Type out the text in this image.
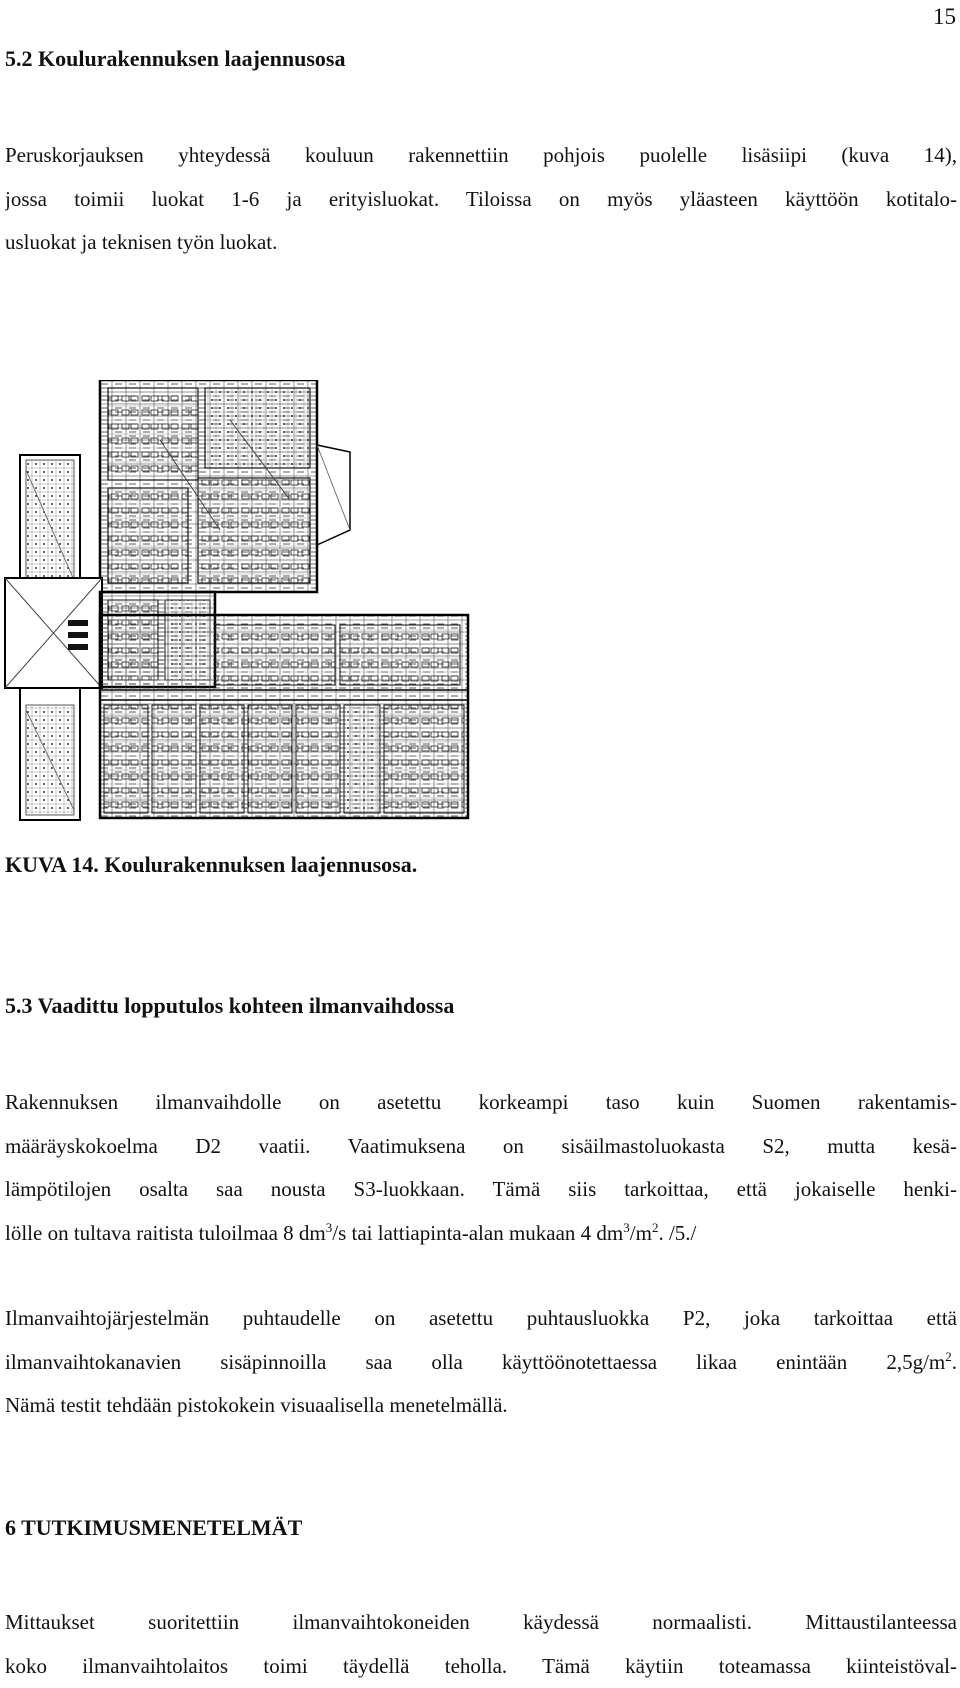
15
5.2 Koulurakennuksen laajennusosa
Peruskorjauksen yhteydessä kouluun rakennettiin pohjois puolelle lisäsiipi (kuva 14),
jossa toimii luokat 1-6 ja erityisluokat. Tiloissa on myös yläasteen käyttöön kotitalo-
usluokat ja teknisen työn luokat.
KUVA 14. Koulurakennuksen laajennusosa.
5.3 Vaadittu lopputulos kohteen ilmanvaihdossa
Rakennuksen ilmanvaihdolle on asetettu korkeampi taso kuin Suomen rakentamis-
määräyskokoelma D2 vaatii. Vaatimuksena on sisäilmastoluokasta S2, mutta kesä-
lämpötilojen osalta saa nousta S3-luokkaan. Tämä siis tarkoittaa, että jokaiselle henki-
lölle on tultava raitista tuloilmaa 8 $dm^3/s$ tai lattiapinta-alan mukaan 4 $dm^3/m^2$. /5./
Ilmanvaihtojärjestelmän puhtaudelle on asetettu puhtausluokka P2, joka tarkoittaa että
ilmanvaihtokanavien sisäpinnoilla saa olla käyttöönotettaessa likaa enintään $2,5g/m^2$.
Nämä testit tehdään pistokokein visuaalisella menetelmällä.
6 TUTKIMUSMENETELMÄT
Mittaukset suoritettiin ilmanvaihtokoneiden käydessä normaalisti. Mittaustilanteessa
koko ilmanvaihtolaitos toimi täydellä teholla. Tämä käytiin toteamassa kiinteistöval-
